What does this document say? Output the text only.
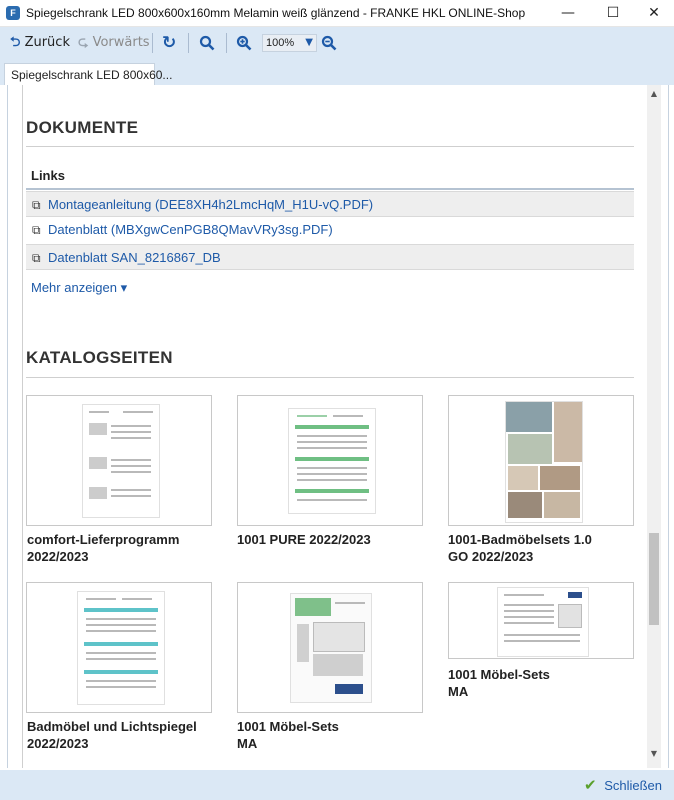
F Spiegelschrank LED 800x600x160mm Melamin weiß glänzend - FRANKE HKL ONLINE-Shop	—	☐	✕
⮌ Zurück ⮎ Vorwärts ↻	100% ▼
Spiegelschrank LED 800x60...
DOKUMENTE
Links
⧉ Montageanleitung (DEE8XH4h2LmcHqM_H1U-vQ.PDF)
⧉ Datenblatt (MBXgwCenPGB8QMavVRy3sg.PDF)
⧉ Datenblatt SAN_8216867_DB
Mehr anzeigen ▾
KATALOGSEITEN
comfort-Lieferprogramm
2022/2023
1001 PURE 2022/2023	1001-Badmöbelsets 1.0
GO 2022/2023
Badmöbel und Lichtspiegel
2022/2023
1001 Möbel-Sets
MA
1001 Möbel-Sets
MA
▲
▼
✔ Schließen
